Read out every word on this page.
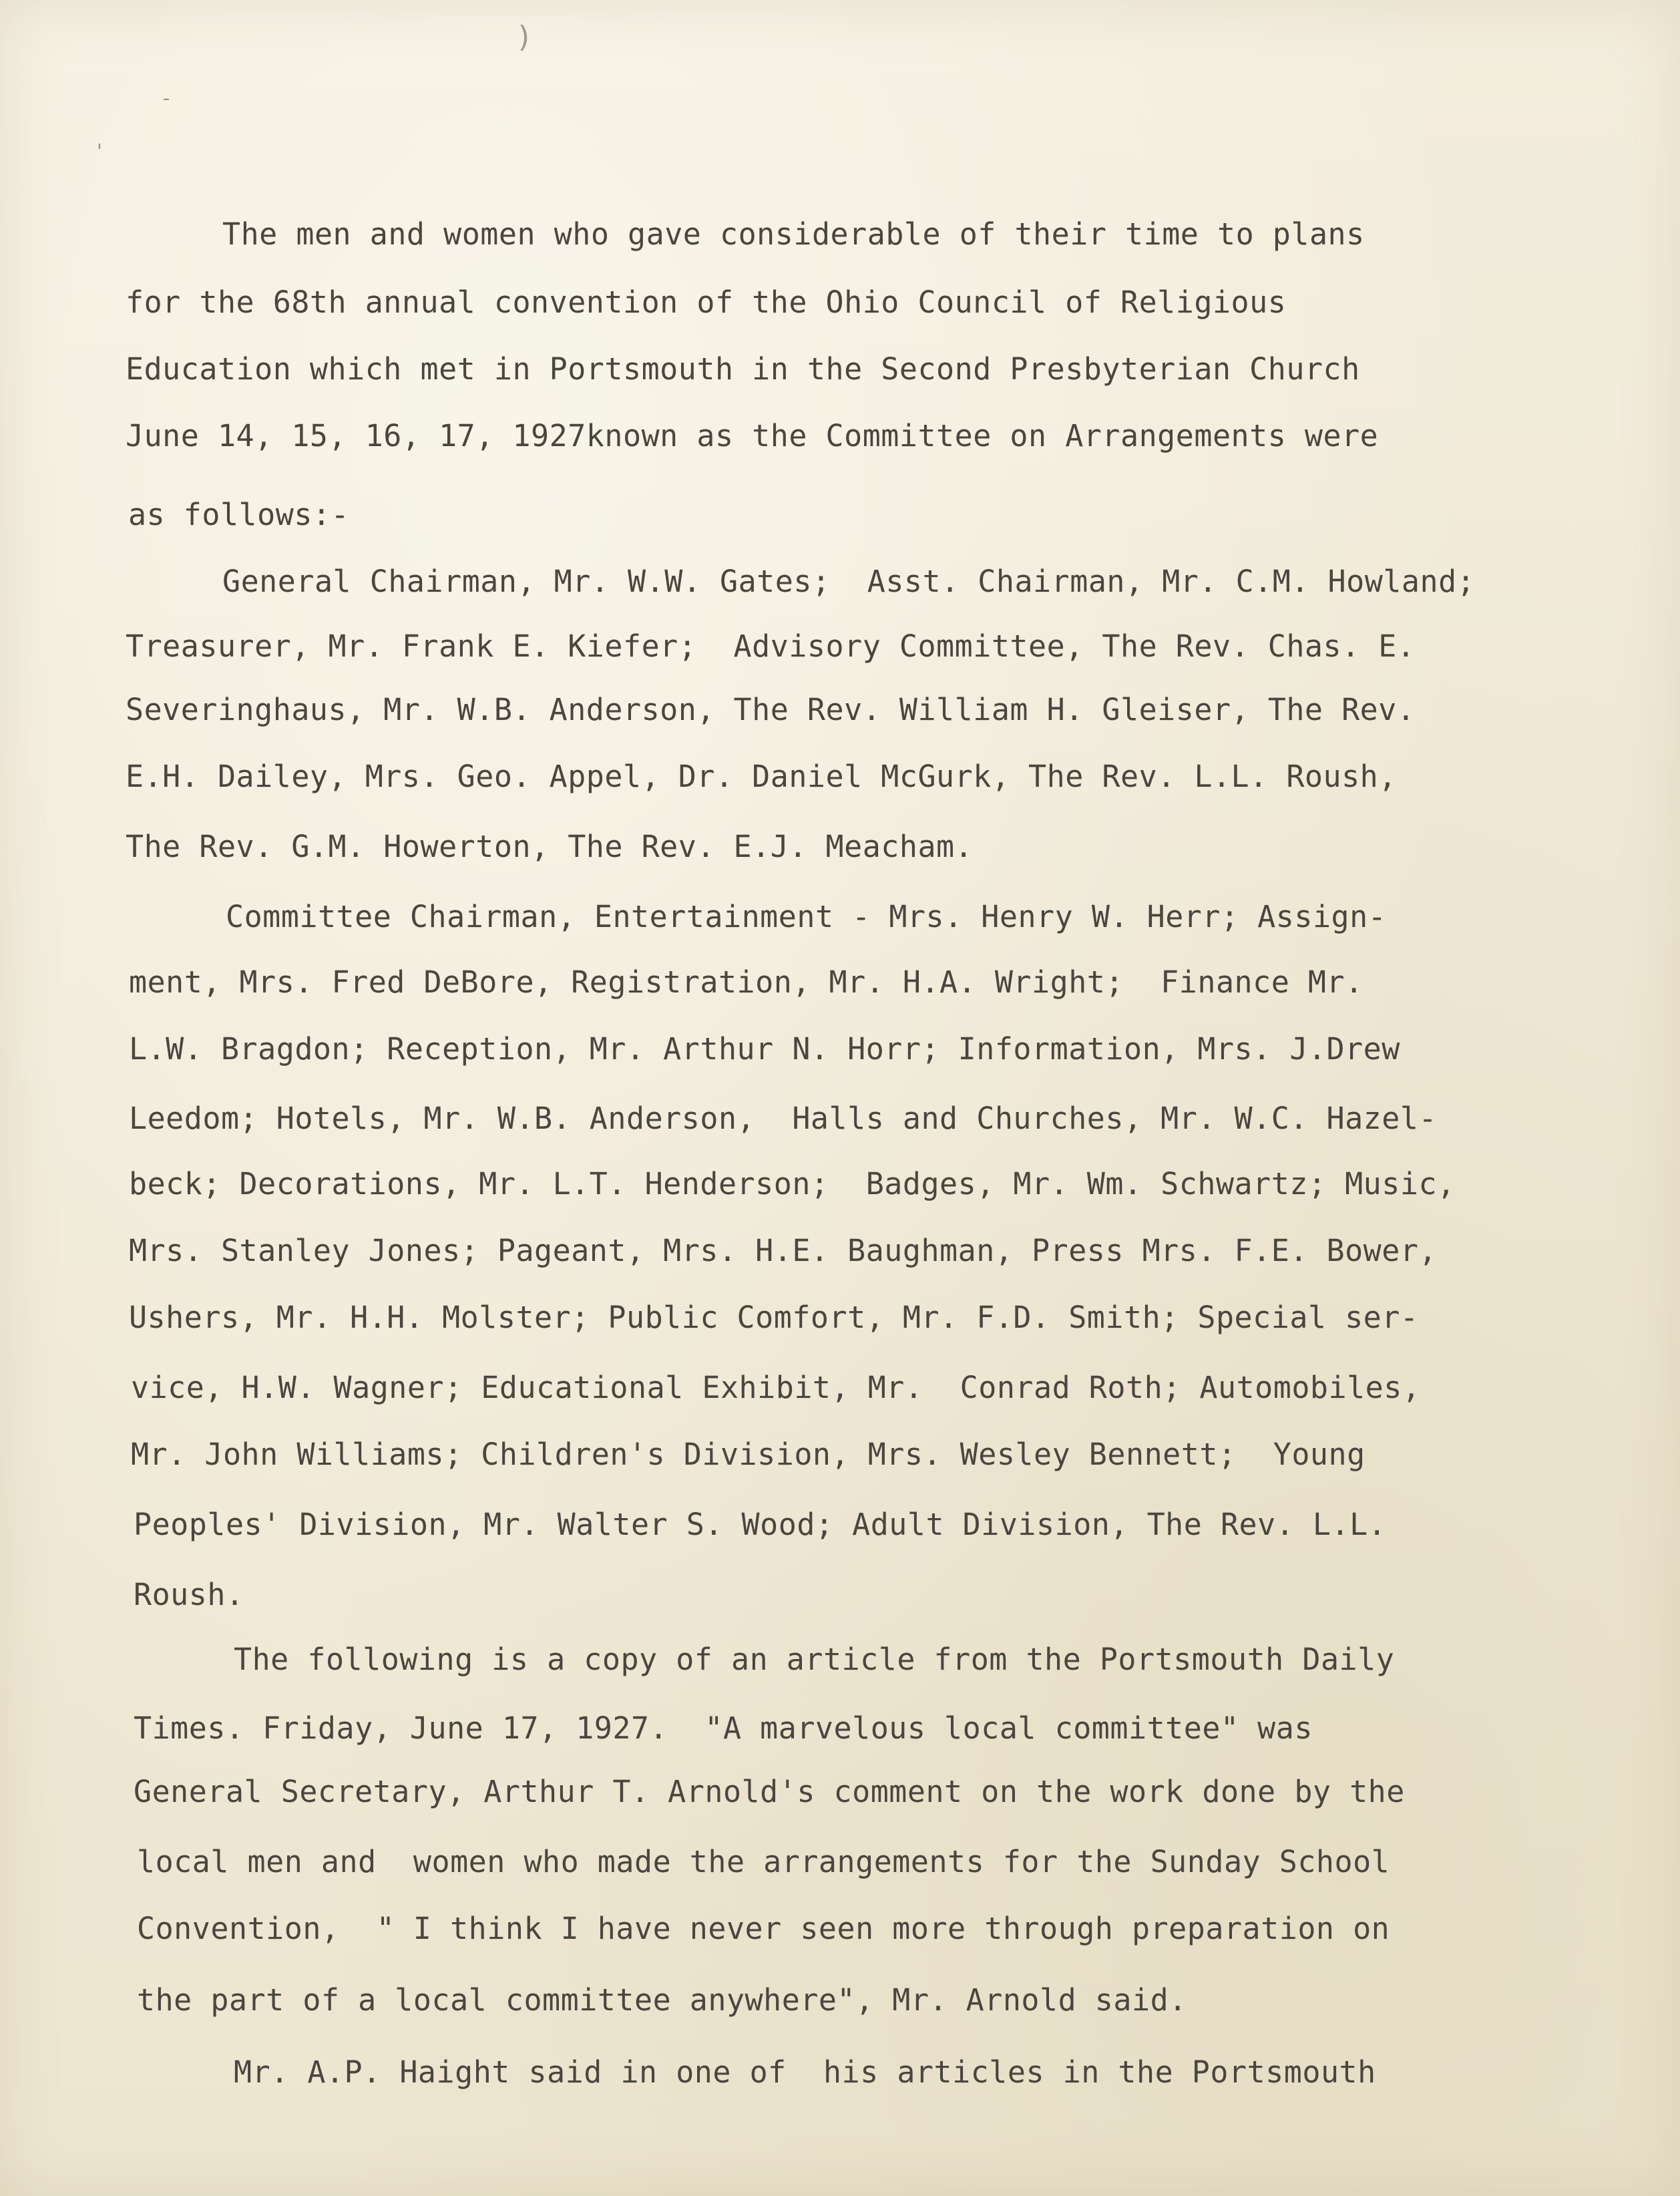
)
-
'
The men and women who gave considerable of their time to plans
for the 68th annual convention of the Ohio Council of Religious
Education which met in Portsmouth in the Second Presbyterian Church
June 14, 15, 16, 17, 1927known as the Committee on Arrangements were
as follows:-
General Chairman, Mr. W.W. Gates;  Asst. Chairman, Mr. C.M. Howland;
Treasurer, Mr. Frank E. Kiefer;  Advisory Committee, The Rev. Chas. E.
Severinghaus, Mr. W.B. Anderson, The Rev. William H. Gleiser, The Rev.
E.H. Dailey, Mrs. Geo. Appel, Dr. Daniel McGurk, The Rev. L.L. Roush,
The Rev. G.M. Howerton, The Rev. E.J. Meacham.
Committee Chairman, Entertainment - Mrs. Henry W. Herr; Assign-
ment, Mrs. Fred DeBore, Registration, Mr. H.A. Wright;  Finance Mr.
L.W. Bragdon; Reception, Mr. Arthur N. Horr; Information, Mrs. J.Drew
Leedom; Hotels, Mr. W.B. Anderson,  Halls and Churches, Mr. W.C. Hazel-
beck; Decorations, Mr. L.T. Henderson;  Badges, Mr. Wm. Schwartz; Music,
Mrs. Stanley Jones; Pageant, Mrs. H.E. Baughman, Press Mrs. F.E. Bower,
Ushers, Mr. H.H. Molster; Public Comfort, Mr. F.D. Smith; Special ser-
vice, H.W. Wagner; Educational Exhibit, Mr.  Conrad Roth; Automobiles,
Mr. John Williams; Children's Division, Mrs. Wesley Bennett;  Young
Peoples' Division, Mr. Walter S. Wood; Adult Division, The Rev. L.L.
Roush.
The following is a copy of an article from the Portsmouth Daily
Times. Friday, June 17, 1927.  "A marvelous local committee" was
General Secretary, Arthur T. Arnold's comment on the work done by the
local men and  women who made the arrangements for the Sunday School
Convention,  " I think I have never seen more through preparation on
the part of a local committee anywhere", Mr. Arnold said.
Mr. A.P. Haight said in one of  his articles in the Portsmouth
